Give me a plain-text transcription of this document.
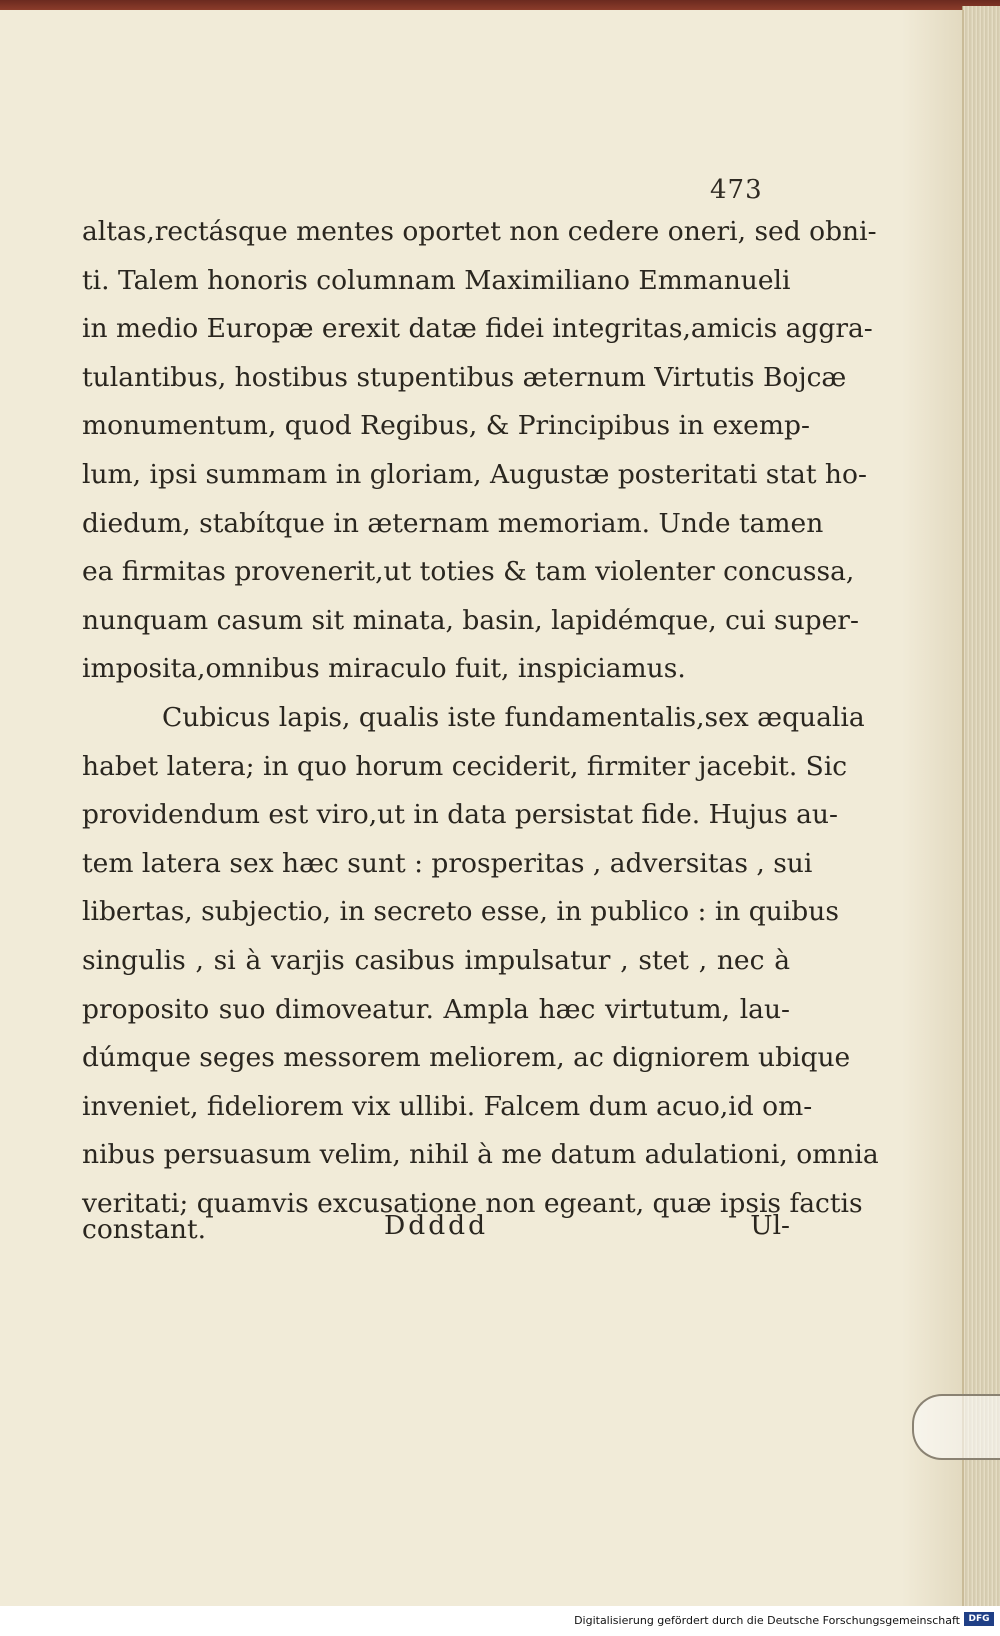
473
altas,rectásque mentes oportet non cedere oneri, sed obni-
ti. Talem honoris columnam Maximiliano Emmanueli
in medio Europæ erexit datæ fidei integritas,amicis aggra-
tulantibus, hostibus stupentibus æternum Virtutis Bojcæ
monumentum, quod Regibus, & Principibus in exemp-
lum, ipsi summam in gloriam, Augustæ posteritati stat ho-
diedum, stabítque in æternam memoriam. Unde tamen
ea firmitas provenerit,ut toties & tam violenter concussa,
nunquam casum sit minata, basin, lapidémque, cui super-
imposita,omnibus miraculo fuit, inspiciamus.
Cubicus lapis, qualis iste fundamentalis,sex æqualia
habet latera; in quo horum ceciderit, firmiter jacebit. Sic
providendum est viro,ut in data persistat fide. Hujus au-
tem latera sex hæc sunt : prosperitas , adversitas , sui
libertas, subjectio, in secreto esse, in publico : in quibus
singulis , si à varjis casibus impulsatur , stet , nec à
proposito suo dimoveatur. Ampla hæc virtutum, lau-
dúmque seges messorem meliorem, ac digniorem ubique
inveniet, fideliorem vix ullibi. Falcem dum acuo,id om-
nibus persuasum velim, nihil à me datum adulationi, omnia
veritati; quamvis excusatione non egeant, quæ ipsis factis
constant.	Ddddd	Ul-
Digitalisierung gefördert durch die Deutsche Forschungsgemeinschaft DFG
